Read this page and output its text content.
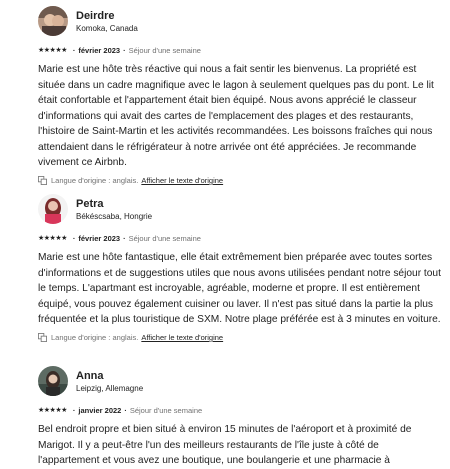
Deirdre
Komoka, Canada
★★★★★ · février 2023 · Séjour d'une semaine
Marie est une hôte très réactive qui nous a fait sentir les bienvenus. La propriété est située dans un cadre magnifique avec le lagon à seulement quelques pas du pont. Le lit était confortable et l'appartement était bien équipé. Nous avons apprécié le classeur d'informations qui avait des cartes de l'emplacement des plages et des restaurants, l'histoire de Saint-Martin et les activités recommandées. Les boissons fraîches qui nous attendaient dans le réfrigérateur à notre arrivée ont été appréciées. Je recommande vivement ce Airbnb.
Langue d'origine : anglais. Afficher le texte d'origine
Petra
Békéscsaba, Hongrie
★★★★★ · février 2023 · Séjour d'une semaine
Marie est une hôte fantastique, elle était extrêmement bien préparée avec toutes sortes d'informations et de suggestions utiles que nous avons utilisées pendant notre séjour tout le temps. L'apartmant est incroyable, agréable, moderne et propre. Il est entièrement équipé, vous pouvez également cuisiner ou laver. Il n'est pas situé dans la partie la plus fréquentée et la plus touristique de SXM. Notre plage préférée est à 3 minutes en voiture.
Langue d'origine : anglais. Afficher le texte d'origine
Anna
Leipzig, Allemagne
★★★★★ · janvier 2022 · Séjour d'une semaine
Bel endroit propre et bien situé à environ 15 minutes de l'aéroport et à proximité de Marigot. Il y a peut-être l'un des meilleurs restaurants de l'île juste à côté de l'appartement et vous avez une boutique, une boulangerie et une pharmacie à
